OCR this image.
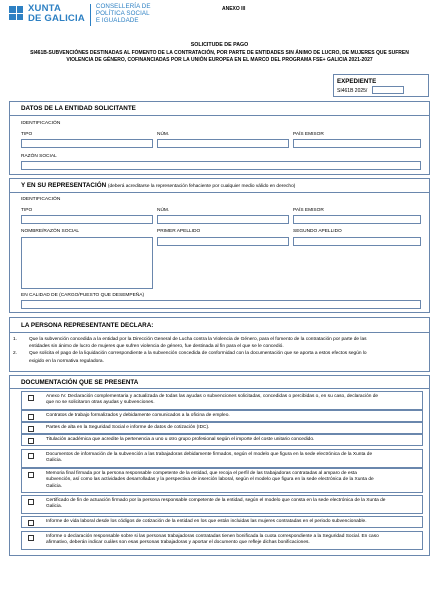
XUNTA
DE GALICIA
CONSELLERÍA DE
POLÍTICA SOCIAL
E IGUALDADE
ANEXO III
SOLICITUDE DE PAGO
SI461B-SUBVENCIÓNES DESTINADAS AL FOMENTO DE LA CONTRATACIÓN, POR PARTE DE ENTIDADES SIN ÁNIMO DE LUCRO, DE MUJERES QUE SUFREN
VIOLENCIA DE GÉNERO, COFINANCIADAS POR LA UNIÓN EUROPEA EN EL MARCO DEL PROGRAMA FSE+ GALICIA 2021-2027
EXPEDIENTE
SI461B 2025/
DATOS DE LA ENTIDAD SOLICITANTE
IDENTIFICACIÓN
TIPO	NÚM.	PAÍS EMISOR
RAZÓN SOCIAL
Y EN SU REPRESENTACIÓN (deberá acreditarse la representación fehaciente por cualquier medio válido en derecho)
IDENTIFICACIÓN
TIPO	NÚM.	PAÍS EMISOR
NOMBRE/RAZÓN SOCIAL	PRIMER APELLIDO	SEGUNDO APELLIDO
EN CALIDAD DE (CARGO/PUESTO QUE DESEMPEÑA)
LA PERSONA REPRESENTANTE DECLARA:

1. Que la subvención concedida a la entidad por la Dirección General de Lucha contra la Violencia de Género, para el fomento de la contratación por parte de las
entidades sin ánimo de lucro de mujeres que sufren violencia de género, fue destinada al fin para el que se le concedió.

2. Que solicita el pago de la liquidación correspondiente a la subvención concedida de conformidad con la documentación que se aporta a estos efectos según lo
exigido en la normativa reguladora.

DOCUMENTACIÓN QUE SE PRESENTA
Anexo IV. Declaración complementaria y actualizada de todas las ayudas o subvenciones solicitadas, concedidas o percibidas o, en su caso, declaración de
que no se solicitaron otras ayudas y subvenciones.
Contratos de trabajo formalizados y debidamente comunicados a la oficina de empleo.
Partes de alta en la Seguridad Social e informe de datos de cotización (IDC).
Titulación académica que acredite la pertenencia a uno u otro grupo profesional según el importe del coste unitario concedido.
Documentos de información de la subvención a las trabajadoras debidamente firmados, según el modelo que figura en la sede electrónica de la Xunta de
Galicia.
Memoria final firmada por la persona responsable competente de la entidad, que recoja el perfil de las trabajadoras contratadas al amparo de esta
subvención, así como las actividades desarrolladas y la perspectiva de inserción laboral, según el modelo que figura en la sede electrónica de la Xunta de
Galicia.
Certificado de fin de actuación firmado por la persona responsable competente de la entidad, según el modelo que consta en la sede electrónica de la Xunta de
Galicia.
Informe de vida laboral desde los códigos de cotización de la entidad en los que están incluidas las mujeres contratadas en el periodo subvencionable.
Informe o declaración responsable sobre si las personas trabajadoras contratadas tienen bonificada la cuota correspondiente a la Seguridad Social. En caso
afirmativo, deberán indicar cuáles son esas personas trabajadoras y aportar el documento que refleje dichas bonificaciones.
